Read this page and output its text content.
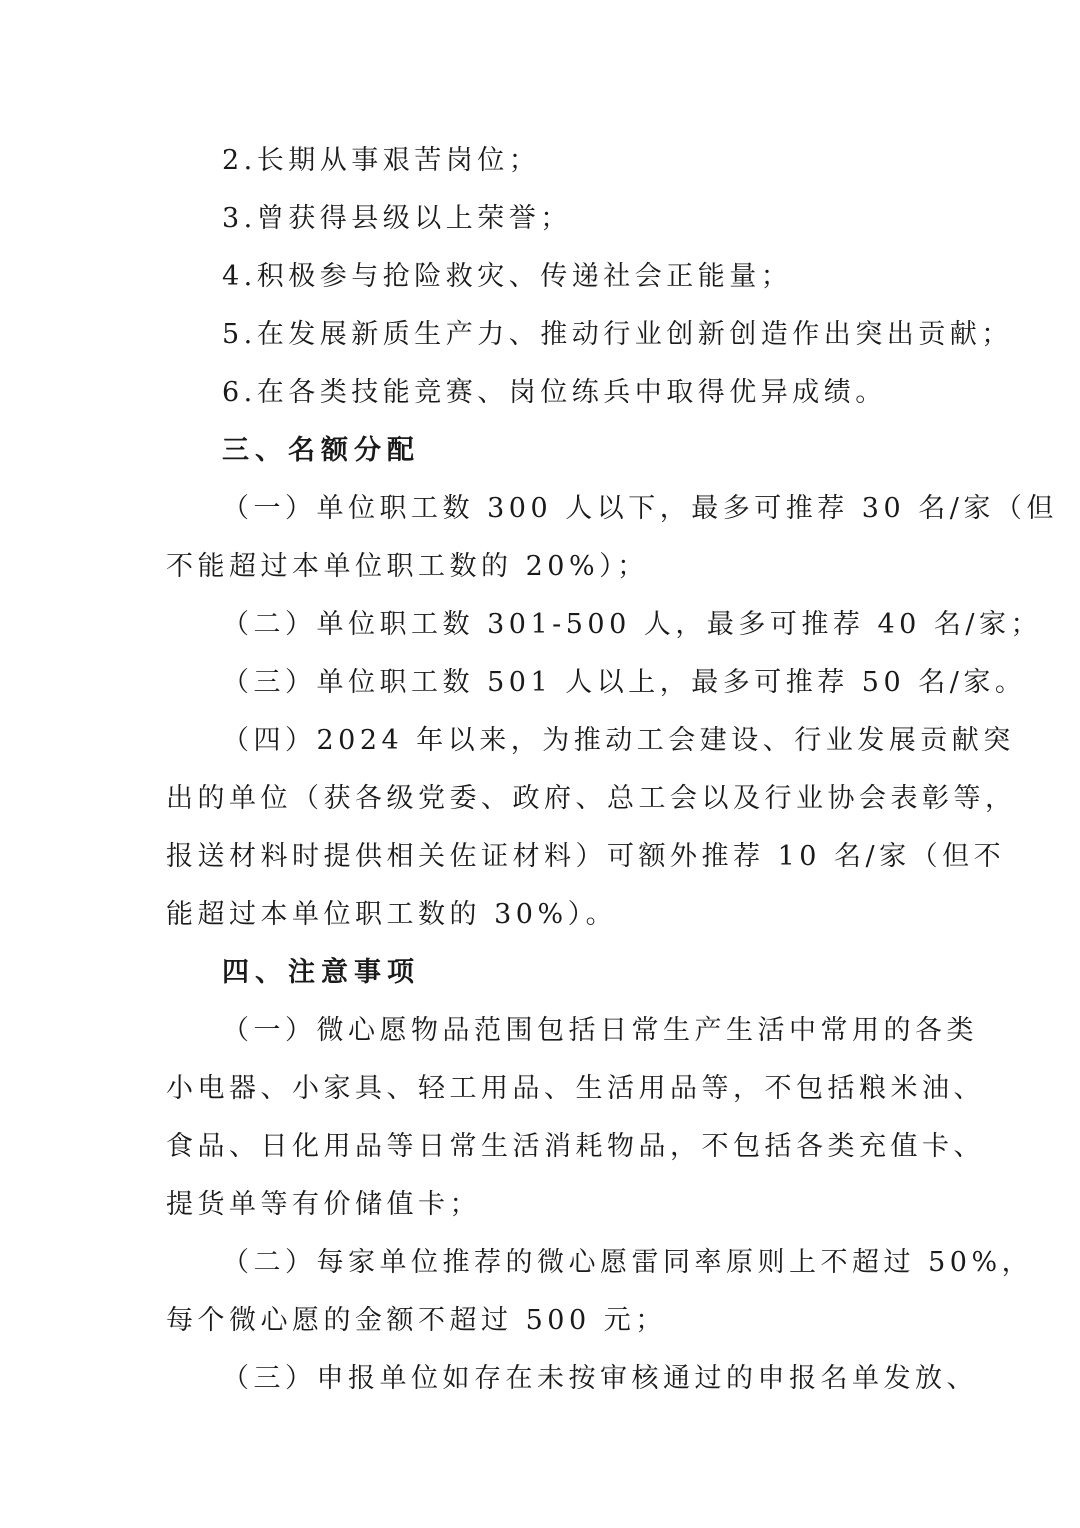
2.长期从事艰苦岗位；
3.曾获得县级以上荣誉；
4.积极参与抢险救灾、传递社会正能量；
5.在发展新质生产力、推动行业创新创造作出突出贡献；
6.在各类技能竞赛、岗位练兵中取得优异成绩。
三、名额分配
（一）单位职工数 300 人以下，最多可推荐 30 名/家（但
不能超过本单位职工数的 20%）；
（二）单位职工数 301-500 人，最多可推荐 40 名/家；
（三）单位职工数 501 人以上，最多可推荐 50 名/家。
（四）2024 年以来，为推动工会建设、行业发展贡献突
出的单位（获各级党委、政府、总工会以及行业协会表彰等，
报送材料时提供相关佐证材料）可额外推荐 10 名/家（但不
能超过本单位职工数的 30%）。
四、注意事项
（一）微心愿物品范围包括日常生产生活中常用的各类
小电器、小家具、轻工用品、生活用品等，不包括粮米油、
食品、日化用品等日常生活消耗物品，不包括各类充值卡、
提货单等有价储值卡；
（二）每家单位推荐的微心愿雷同率原则上不超过 50%，
每个微心愿的金额不超过 500 元；
（三）申报单位如存在未按审核通过的申报名单发放、
